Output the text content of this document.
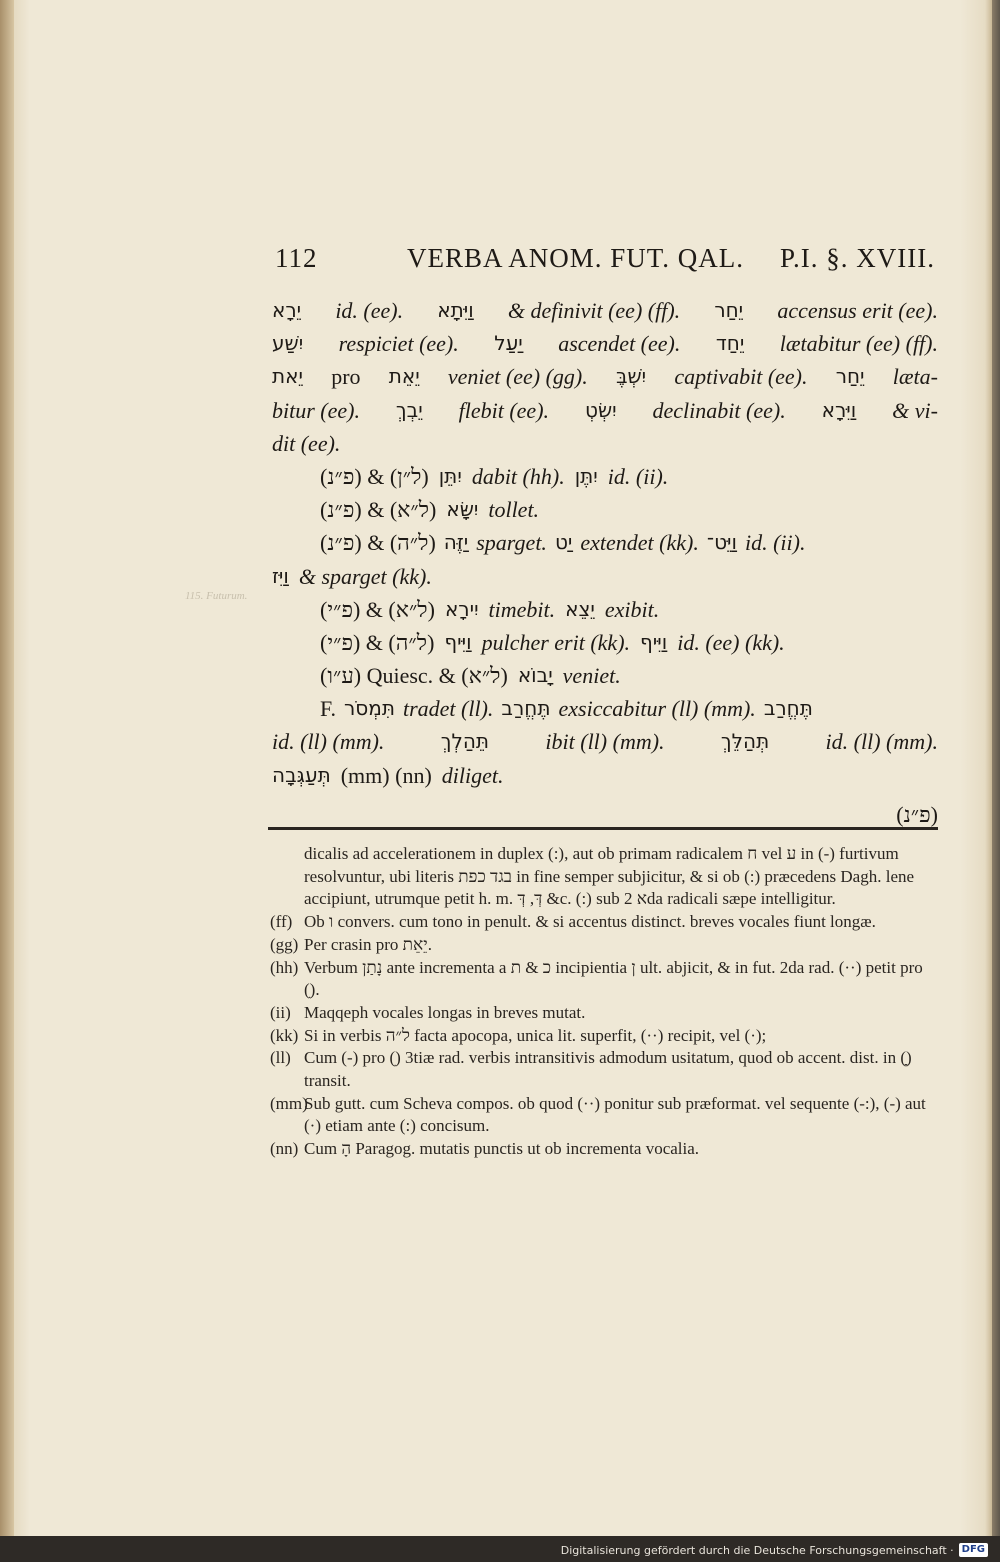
115. Futurum.
112	VERBA ANOM. FUT. QAL. P.I. §. XVIII.
יֵרָא id. (ee). וַיִּתָא & definivit (ee) (ff). יֵחַר accensus erit (ee).
יִשַׁע respiciet (ee). יַעַל ascendet (ee). יֵחַד lætabitur (ee) (ff).
יֵאת pro יֵאֵת veniet (ee) (gg). יִשְׁבֶּ captivabit (ee). יֵחַר læta-
bitur (ee). יֵבְךְ flebit (ee). יִשְׂטְ declinabit (ee). וַיִּרָא & vi-
dit (ee).
(פ״נ) & (ל״ן) יִתֵּן dabit (hh). יִתֶּן id. (ii).
(פ״נ) & (ל״א) יִשָּׂא tollet.
(פ״נ) & (ל״ה) יַזֶּה sparget. יַט extendet (kk). וַיֵּט־ id. (ii).
וַיִּז & sparget (kk).
(פ״י) & (ל״א) יִירָא timebit. יֵצֵא exibit.
(פ״י) & (ל״ה) וַיִּיף pulcher erit (kk). וַיִּיף id. (ee) (kk).
(ע״ו) Quiesc. & (ל״א) יָבוֹא veniet.
F. תִּמְסֹר tradet (ll). תֶּחֱרַב exsiccabitur (ll) (mm). תֶּחֱרַב
id. (ll) (mm).	תֵּהַלְךְ	ibit (ll) (mm).	תְּהַלֵּךְ	id. (ll) (mm).
תְּעַגְּבָה (mm) (nn) diliget.
(פ״נ)
dicalis ad accelerationem in duplex (:), aut ob primam radicalem ח vel ע in (-) furtivum resolvuntur, ubi literis בגד כפת in fine semper subjicitur, & si ob (:) præcedens Dagh. lene accipiunt, utrumque petit h. m. דְּ, דְּ &c. (:) sub א 2da radicali sæpe intelligitur.
(ff) Ob ו convers. cum tono in penult. & si accentus distinct. breves vocales fiunt longæ.
(gg) Per crasin pro יֵאֵת.
(hh) Verbum נָתַן ante incrementa a כ & ת incipientia ן ult. abjicit, & in fut. 2da rad. (··) petit pro (ִ).
(ii) Maqqeph vocales longas in breves mutat.
(kk) Si in verbis ל״ה facta apocopa, unica lit. superfit, (··) recipit, vel (·);
(ll) Cum (-) pro (ִ) 3tiæ rad. verbis intransitivis admodum usitatum, quod ob accent. dist. in (ָ) transit.
(mm)
Sub gutt. cum Scheva compos. ob quod (··) ponitur sub præformat. vel sequente (-:), (-) aut (·) etiam ante (:) concisum.
(nn) Cum הָ Paragog. mutatis punctis ut ob incrementa vocalia.
Digitalisierung gefördert durch die Deutsche Forschungsgemeinschaft · DFG
